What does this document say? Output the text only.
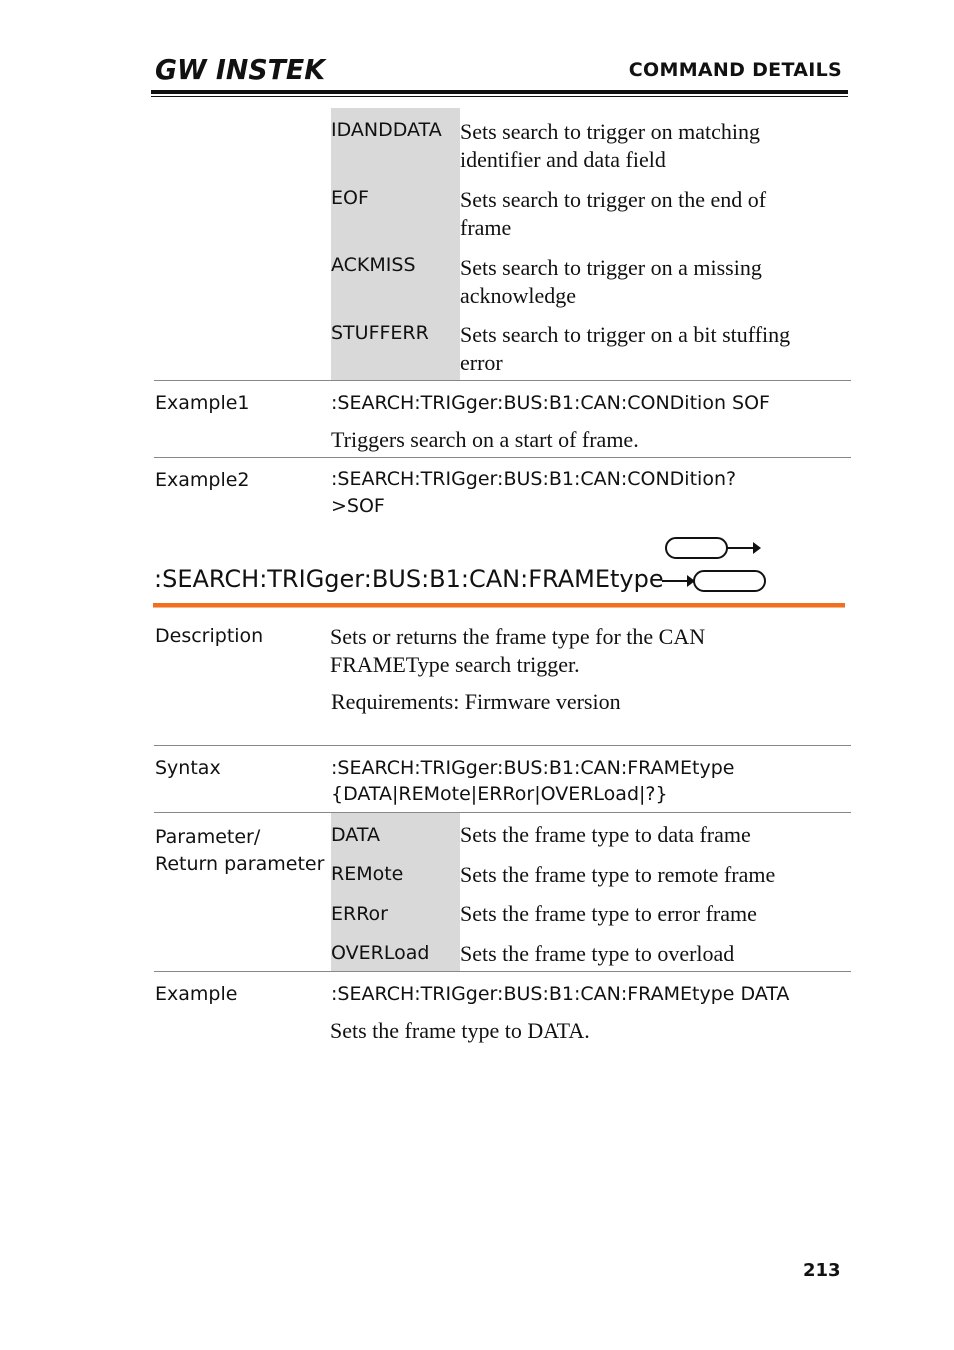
GW INSTEK	COMMAND DETAILS
IDANDDATA Sets search to trigger on matching
identifier and data field
EOF	Sets search to trigger on the end of
frame
ACKMISS Sets search to trigger on a missing
acknowledge
STUFFERR Sets search to trigger on a bit stuffing
error
Example1	:SEARCH:TRIGger:BUS:B1:CAN:CONDition SOF
Triggers search on a start of frame.
Example2	:SEARCH:TRIGger:BUS:B1:CAN:CONDition?
>SOF
:SEARCH:TRIGger:BUS:B1:CAN:FRAMEtype
Description	Sets or returns the frame type for the CAN
FRAMEType search trigger.
Requirements: Firmware version
Syntax	:SEARCH:TRIGger:BUS:B1:CAN:FRAMEtype
{DATA|REMote|ERRor|OVERLoad|?}
Parameter/
Return parameter
DATA	Sets the frame type to data frame
REMote	Sets the frame type to remote frame
ERRor	Sets the frame type to error frame
OVERLoad Sets the frame type to overload
Example	:SEARCH:TRIGger:BUS:B1:CAN:FRAMEtype DATA
Sets the frame type to DATA.
213
